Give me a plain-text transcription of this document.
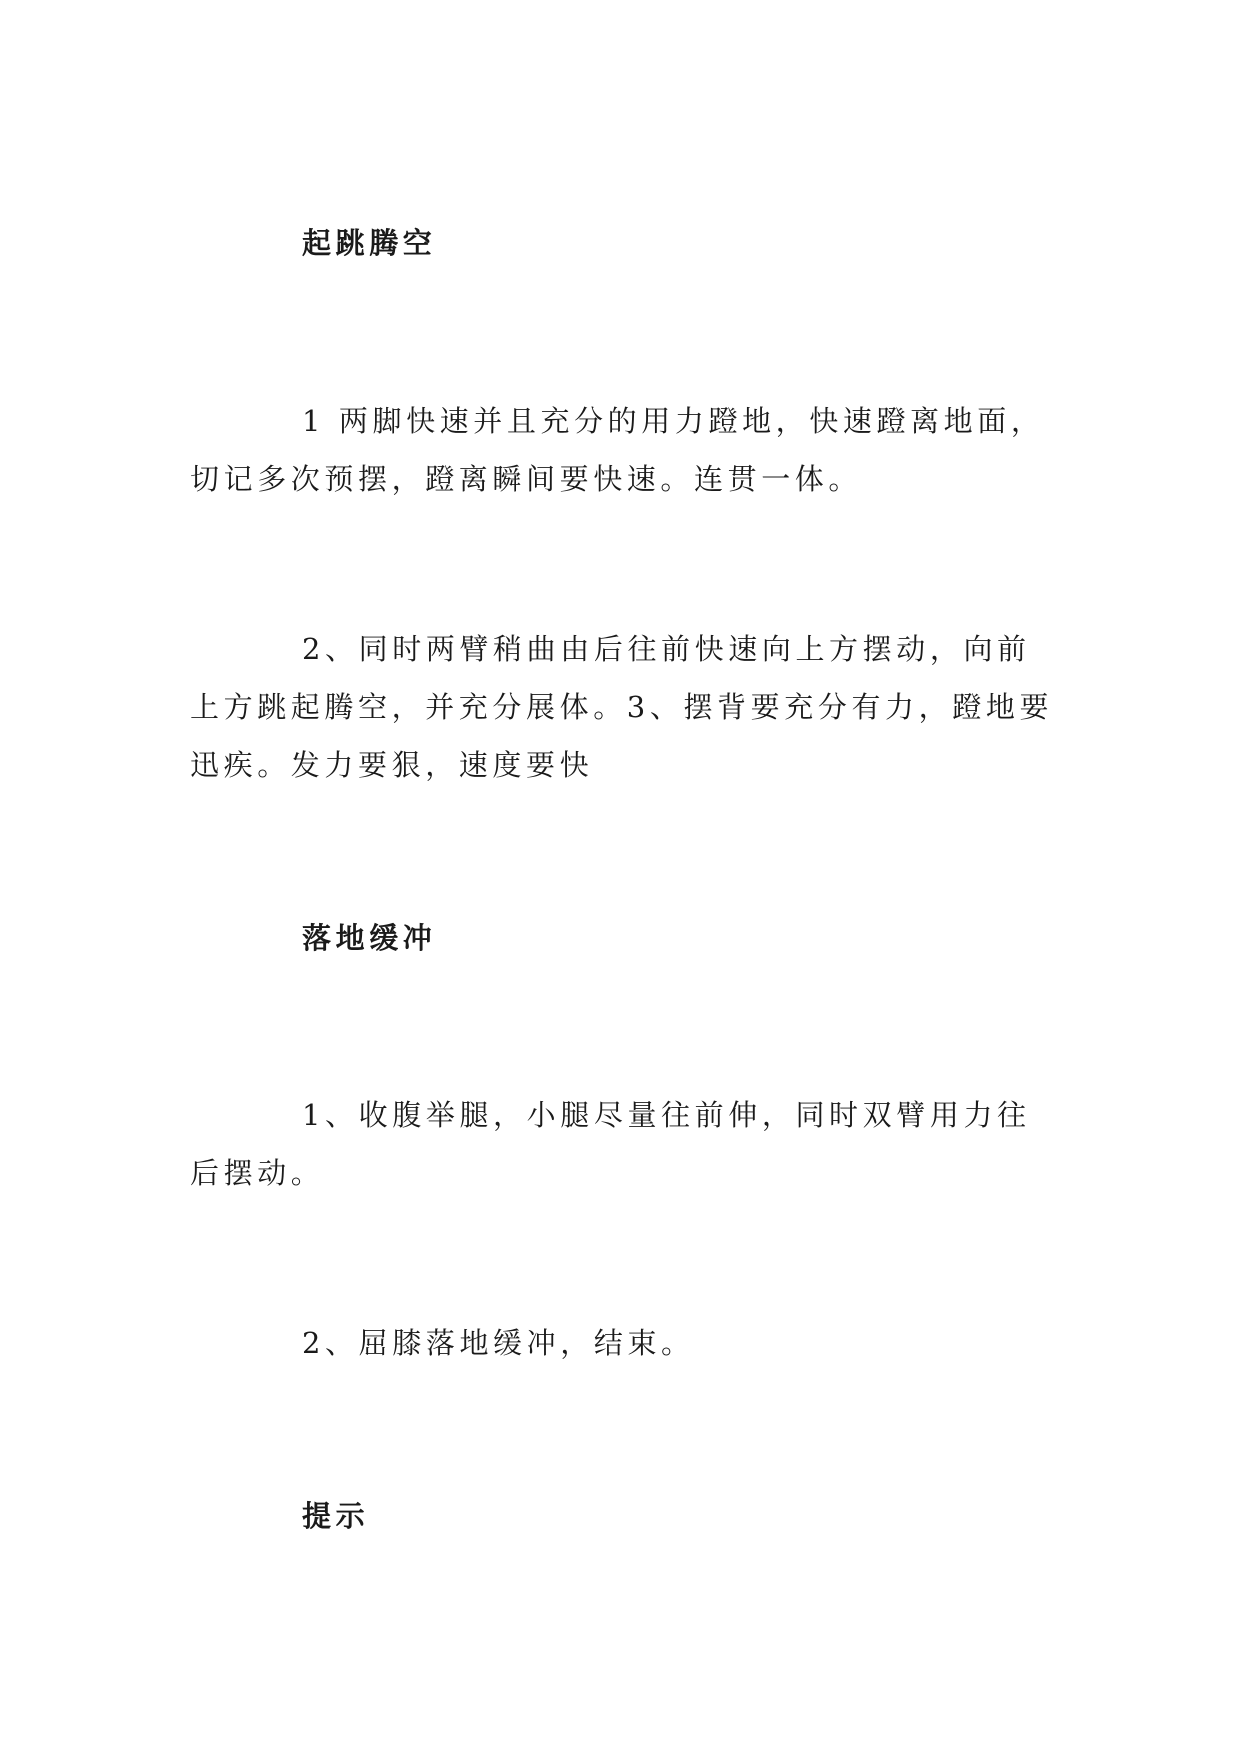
起跳腾空

1 两脚快速并且充分的用力蹬地，快速蹬离地面，切记多次预摆，蹬离瞬间要快速。连贯一体。

2、同时两臂稍曲由后往前快速向上方摆动，向前上方跳起腾空，并充分展体。3、摆背要充分有力，蹬地要迅疾。发力要狠，速度要快

落地缓冲

1、收腹举腿，小腿尽量往前伸，同时双臂用力往后摆动。

2、屈膝落地缓冲，结束。

提示
